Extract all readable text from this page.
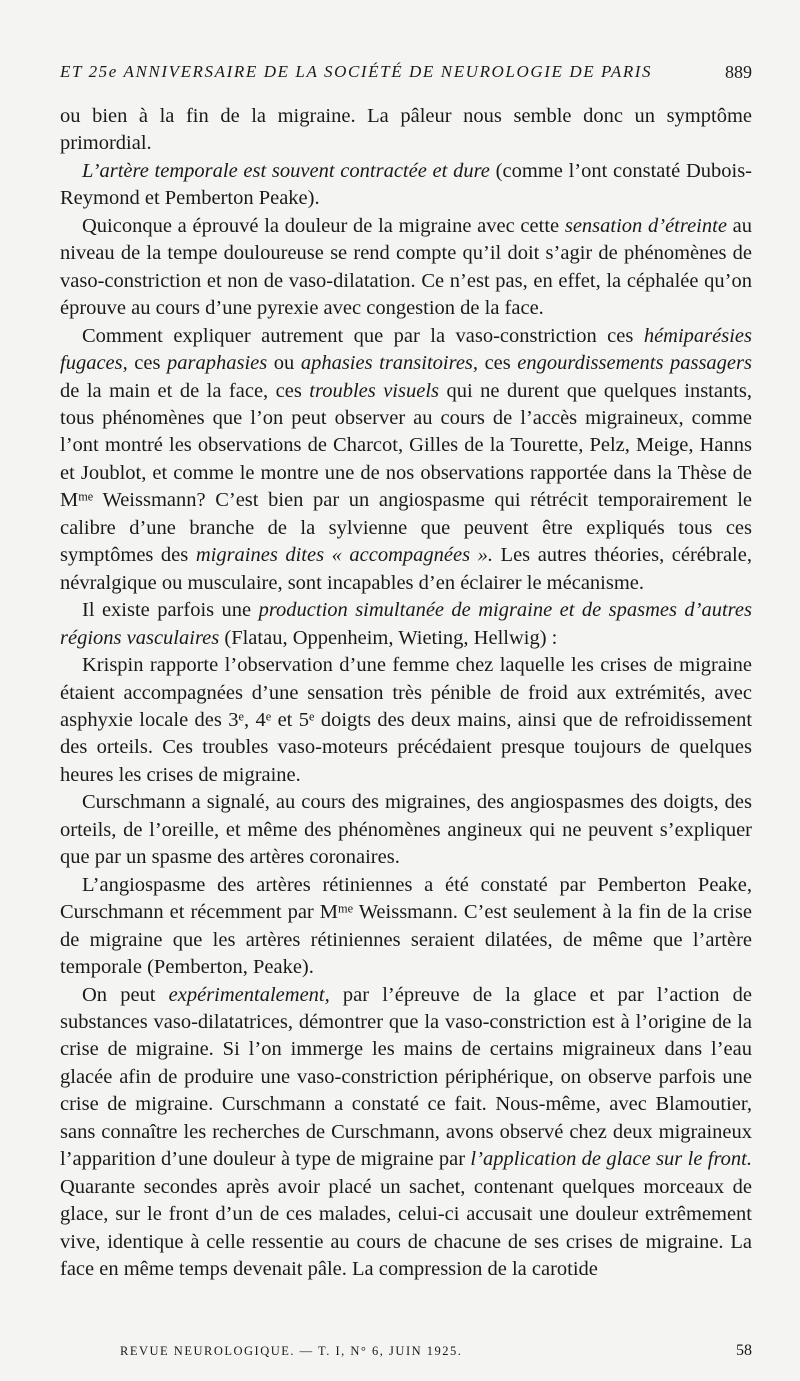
ET 25e ANNIVERSAIRE DE LA SOCIÉTÉ DE NEUROLOGIE DE PARIS	889

ou bien à la fin de la migraine. La pâleur nous semble donc un symptôme primordial.

L’artère temporale est souvent contractée et dure (comme l’ont constaté Dubois-Reymond et Pemberton Peake).

Quiconque a éprouvé la douleur de la migraine avec cette sensation d’étreinte au niveau de la tempe douloureuse se rend compte qu’il doit s’agir de phénomènes de vaso-constriction et non de vaso-dilatation. Ce n’est pas, en effet, la céphalée qu’on éprouve au cours d’une pyrexie avec congestion de la face.

Comment expliquer autrement que par la vaso-constriction ces hémiparésies fugaces, ces paraphasies ou aphasies transitoires, ces engourdissements passagers de la main et de la face, ces troubles visuels qui ne durent que quelques instants, tous phénomènes que l’on peut observer au cours de l’accès migraineux, comme l’ont montré les observations de Charcot, Gilles de la Tourette, Pelz, Meige, Hanns et Joublot, et comme le montre une de nos observations rapportée dans la Thèse de $M^{me}$ Weissmann? C’est bien par un angiospasme qui rétrécit temporairement le calibre d’une branche de la sylvienne que peuvent être expliqués tous ces symptômes des migraines dites « accompagnées ». Les autres théories, cérébrale, névralgique ou musculaire, sont incapables d’en éclairer le mécanisme.

Il existe parfois une production simultanée de migraine et de spasmes d’autres régions vasculaires (Flatau, Oppenheim, Wieting, Hellwig) :

Krispin rapporte l’observation d’une femme chez laquelle les crises de migraine étaient accompagnées d’une sensation très pénible de froid aux extrémités, avec asphyxie locale des 3e, 4e et 5e doigts des deux mains, ainsi que de refroidissement des orteils. Ces troubles vaso-moteurs précédaient presque toujours de quelques heures les crises de migraine.

Curschmann a signalé, au cours des migraines, des angiospasmes des doigts, des orteils, de l’oreille, et même des phénomènes angineux qui ne peuvent s’expliquer que par un spasme des artères coronaires.

L’angiospasme des artères rétiniennes a été constaté par Pemberton Peake, Curschmann et récemment par $M^{me}$ Weissmann. C’est seulement à la fin de la crise de migraine que les artères rétiniennes seraient dilatées, de même que l’artère temporale (Pemberton, Peake).

On peut expérimentalement, par l’épreuve de la glace et par l’action de substances vaso-dilatatrices, démontrer que la vaso-constriction est à l’origine de la crise de migraine. Si l’on immerge les mains de certains migraineux dans l’eau glacée afin de produire une vaso-constriction périphérique, on observe parfois une crise de migraine. Curschmann a constaté ce fait. Nous-même, avec Blamoutier, sans connaître les recherches de Curschmann, avons observé chez deux migraineux l’apparition d’une douleur à type de migraine par l’application de glace sur le front. Quarante secondes après avoir placé un sachet, contenant quelques morceaux de glace, sur le front d’un de ces malades, celui-ci accusait une douleur extrêmement vive, identique à celle ressentie au cours de chacune de ses crises de migraine. La face en même temps devenait pâle. La compression de la carotide

REVUE NEUROLOGIQUE. — T. I, N° 6, JUIN 1925.	58
